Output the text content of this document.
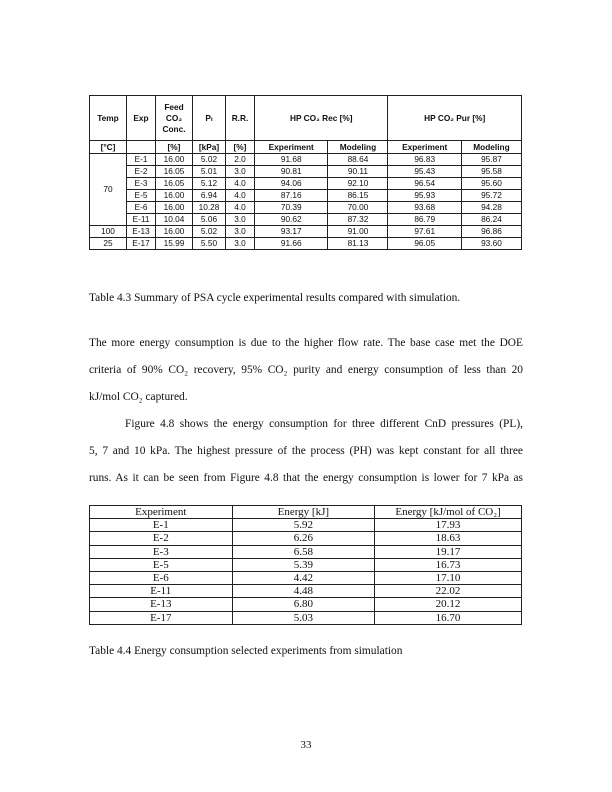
Temp	Exp	Feed
CO₂
Conc.	Pₗ	R.R.	HP CO₂ Rec [%]		HP CO₂ Pur [%]	
[°C]		[%]	[kPa]	[%]	Experiment	Modeling	Experiment	Modeling
70	E-1	16.00	5.02	2.0	91.68	88.64	96.83	95.87
	E-2	16.05	5.01	3.0	90.81	90.11	95.43	95.58
	E-3	16.05	5.12	4.0	94.06	92.10	96.54	95.60
	E-5	16.00	6.94	4.0	87.16	86.15	95.93	95.72
	E-6	16.00	10.28	4.0	70.39	70.00	93.68	94.28
	E-11	10.04	5.06	3.0	90.62	87.32	86.79	86.24
100	E-13	16.00	5.02	3.0	93.17	91.00	97.61	96.86
25	E-17	15.99	5.50	3.0	91.66	81.13	96.05	93.60
Table 4.3 Summary of PSA cycle experimental results compared with simulation.
The more energy consumption is due to the higher flow rate. The base case met the DOE
criteria of 90% CO₂ recovery, 95% CO₂ purity and energy consumption of less than 20
kJ/mol CO₂ captured.
Figure 4.8 shows the energy consumption for three different CnD pressures (PL),
5, 7 and 10 kPa. The highest pressure of the process (PH) was kept constant for all three
runs. As it can be seen from Figure 4.8 that the energy consumption is lower for 7 kPa as
Experiment	Energy [kJ]	Energy [kJ/mol of CO₂]
E-1	5.92	17.93
E-2	6.26	18.63
E-3	6.58	19.17
E-5	5.39	16.73
E-6	4.42	17.10
E-11	4.48	22.02
E-13	6.80	20.12
E-17	5.03	16.70
Table 4.4 Energy consumption selected experiments from simulation
33
